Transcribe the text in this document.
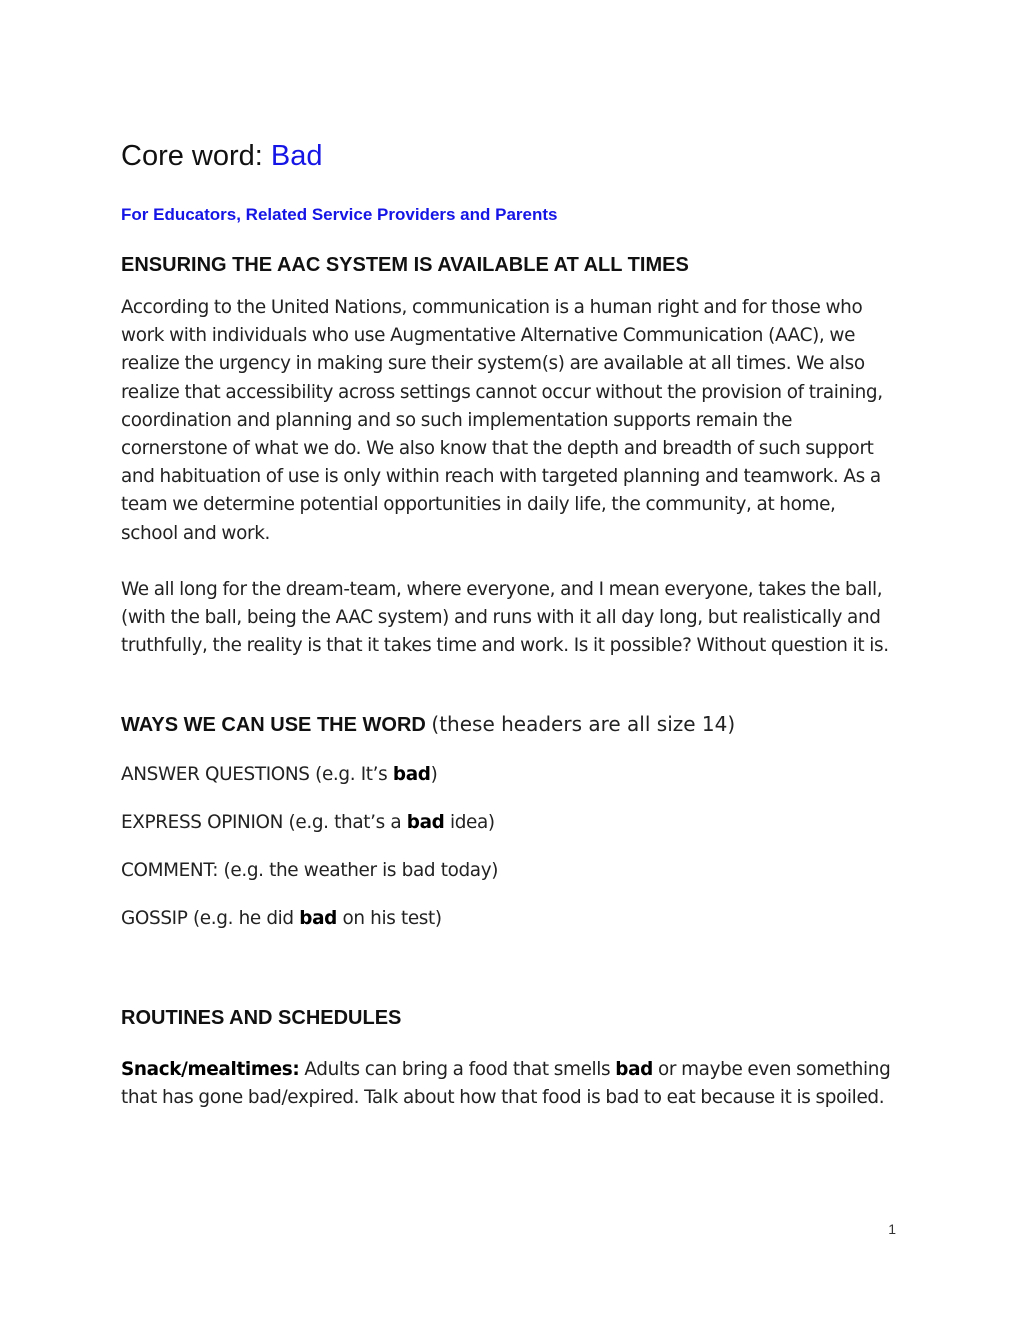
Core word: Bad
For Educators, Related Service Providers and Parents
ENSURING THE AAC SYSTEM IS AVAILABLE AT ALL TIMES

According to the United Nations, communication is a human right and for those who work with individuals who use Augmentative Alternative Communication (AAC), we realize the urgency in making sure their system(s) are available at all times. We also realize that accessibility across settings cannot occur without the provision of training, coordination and planning and so such implementation supports remain the cornerstone of what we do. We also know that the depth and breadth of such support and habituation of use is only within reach with targeted planning and teamwork. As a team we determine potential opportunities in daily life, the community, at home, school and work.

We all long for the dream-team, where everyone, and I mean everyone, takes the ball, (with the ball, being the AAC system) and runs with it all day long, but realistically and truthfully, the reality is that it takes time and work. Is it possible? Without question it is.

WAYS WE CAN USE THE WORD (these headers are all size 14)

ANSWER QUESTIONS (e.g. It’s bad)

EXPRESS OPINION (e.g. that’s a bad idea)

COMMENT: (e.g. the weather is bad today)

GOSSIP (e.g. he did bad on his test)

ROUTINES AND SCHEDULES

Snack/mealtimes: Adults can bring a food that smells bad or maybe even something that has gone bad/expired. Talk about how that food is bad to eat because it is spoiled.

1
